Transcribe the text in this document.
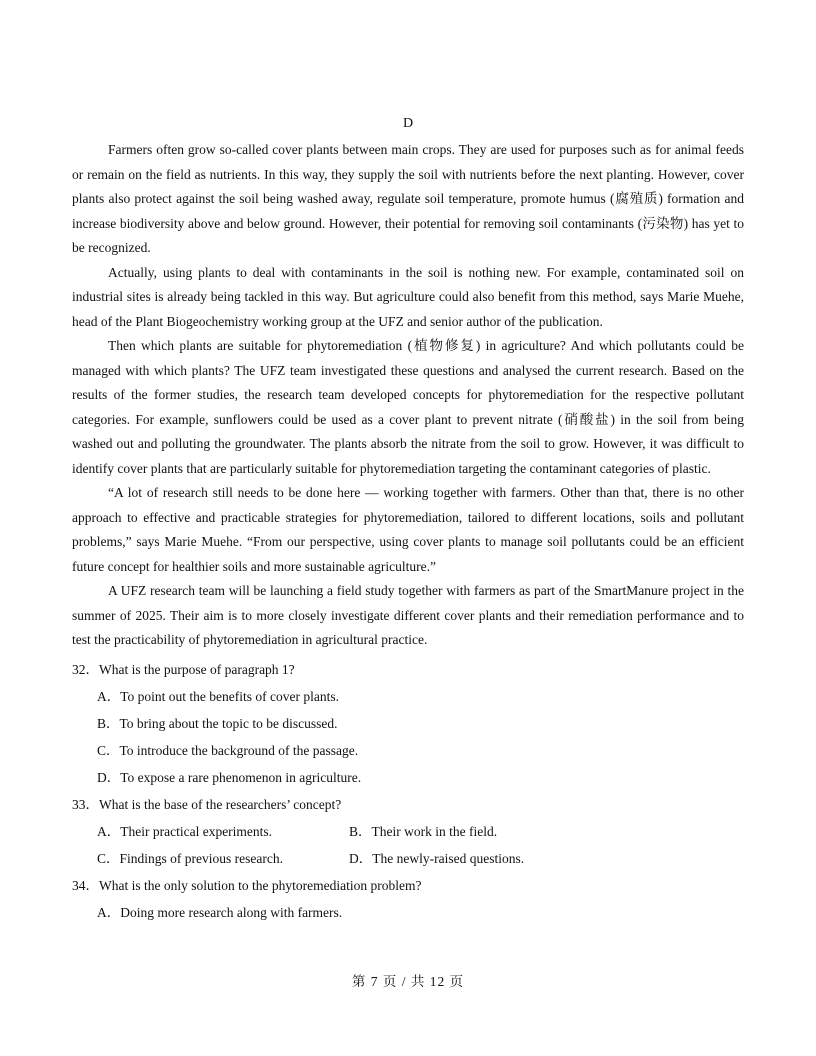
D

Farmers often grow so-called cover plants between main crops. They are used for purposes such as for animal feeds or remain on the field as nutrients. In this way, they supply the soil with nutrients before the next planting. However, cover plants also protect against the soil being washed away, regulate soil temperature, promote humus (腐殖质) formation and increase biodiversity above and below ground. However, their potential for removing soil contaminants (污染物) has yet to be recognized.

Actually, using plants to deal with contaminants in the soil is nothing new. For example, contaminated soil on industrial sites is already being tackled in this way. But agriculture could also benefit from this method, says Marie Muehe, head of the Plant Biogeochemistry working group at the UFZ and senior author of the publication.

Then which plants are suitable for phytoremediation (植物修复) in agriculture? And which pollutants could be managed with which plants? The UFZ team investigated these questions and analysed the current research. Based on the results of the former studies, the research team developed concepts for phytoremediation for the respective pollutant categories. For example, sunflowers could be used as a cover plant to prevent nitrate (硝酸盐) in the soil from being washed out and polluting the groundwater. The plants absorb the nitrate from the soil to grow. However, it was difficult to identify cover plants that are particularly suitable for phytoremediation targeting the contaminant categories of plastic.

“A lot of research still needs to be done here — working together with farmers. Other than that, there is no other approach to effective and practicable strategies for phytoremediation, tailored to different locations, soils and pollutant problems,” says Marie Muehe. “From our perspective, using cover plants to manage soil pollutants could be an efficient future concept for healthier soils and more sustainable agriculture.”

A UFZ research team will be launching a field study together with farmers as part of the SmartManure project in the summer of 2025. Their aim is to more closely investigate different cover plants and their remediation performance and to test the practicability of phytoremediation in agricultural practice.

32．What is the purpose of paragraph 1?
A．To point out the benefits of cover plants.
B．To bring about the topic to be discussed.
C．To introduce the background of the passage.
D．To expose a rare phenomenon in agriculture.
33．What is the base of the researchers’ concept?
A．Their practical experiments.	B．Their work in the field.
C．Findings of previous research.	D．The newly-raised questions.
34．What is the only solution to the phytoremediation problem?
A．Doing more research along with farmers.
第 7 页 / 共 12 页
